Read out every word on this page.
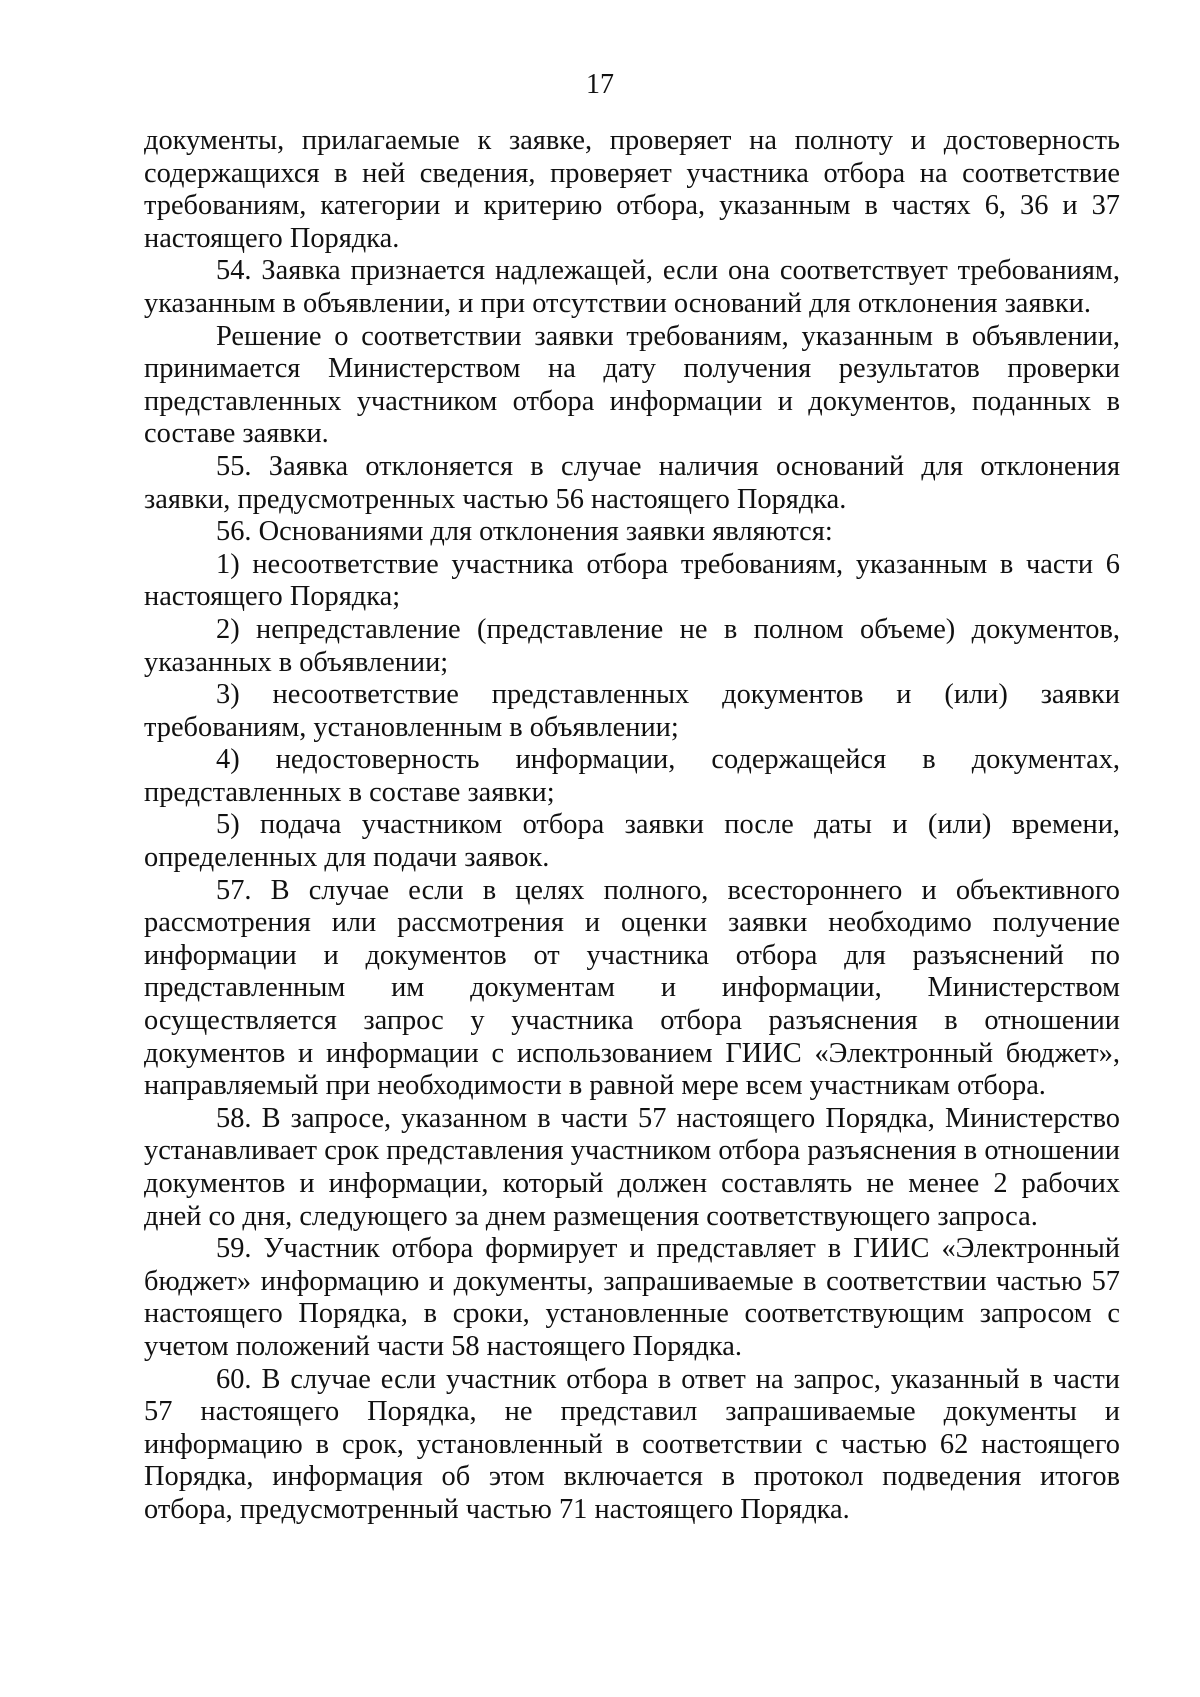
17

документы, прилагаемые к заявке, проверяет на полноту и достоверность содержащихся в ней сведения, проверяет участника отбора на соответствие требованиям, категории и критерию отбора, указанным в частях 6, 36 и 37 настоящего Порядка.

54. Заявка признается надлежащей, если она соответствует требованиям, указанным в объявлении, и при отсутствии оснований для отклонения заявки.

Решение о соответствии заявки требованиям, указанным в объявлении, принимается Министерством на дату получения результатов проверки представленных участником отбора информации и документов, поданных в составе заявки.

55. Заявка отклоняется в случае наличия оснований для отклонения заявки, предусмотренных частью 56 настоящего Порядка.

56. Основаниями для отклонения заявки являются:

1) несоответствие участника отбора требованиям, указанным в части 6 настоящего Порядка;

2) непредставление (представление не в полном объеме) документов, указанных в объявлении;

3) несоответствие представленных документов и (или) заявки требованиям, установленным в объявлении;

4) недостоверность информации, содержащейся в документах, представленных в составе заявки;

5) подача участником отбора заявки после даты и (или) времени, определенных для подачи заявок.

57. В случае если в целях полного, всестороннего и объективного рассмотрения или рассмотрения и оценки заявки необходимо получение информации и документов от участника отбора для разъяснений по представленным им документам и информации, Министерством осуществляется запрос у участника отбора разъяснения в отношении документов и информации с использованием ГИИС «Электронный бюджет», направляемый при необходимости в равной мере всем участникам отбора.

58. В запросе, указанном в части 57 настоящего Порядка, Министерство устанавливает срок представления участником отбора разъяснения в отношении документов и информации, который должен составлять не менее 2 рабочих дней со дня, следующего за днем размещения соответствующего запроса.

59. Участник отбора формирует и представляет в ГИИС «Электронный бюджет» информацию и документы, запрашиваемые в соответствии частью 57 настоящего Порядка, в сроки, установленные соответствующим запросом с учетом положений части 58 настоящего Порядка.

60. В случае если участник отбора в ответ на запрос, указанный в части 57 настоящего Порядка, не представил запрашиваемые документы и информацию в срок, установленный в соответствии с частью 62 настоящего Порядка, информация об этом включается в протокол подведения итогов отбора, предусмотренный частью 71 настоящего Порядка.
